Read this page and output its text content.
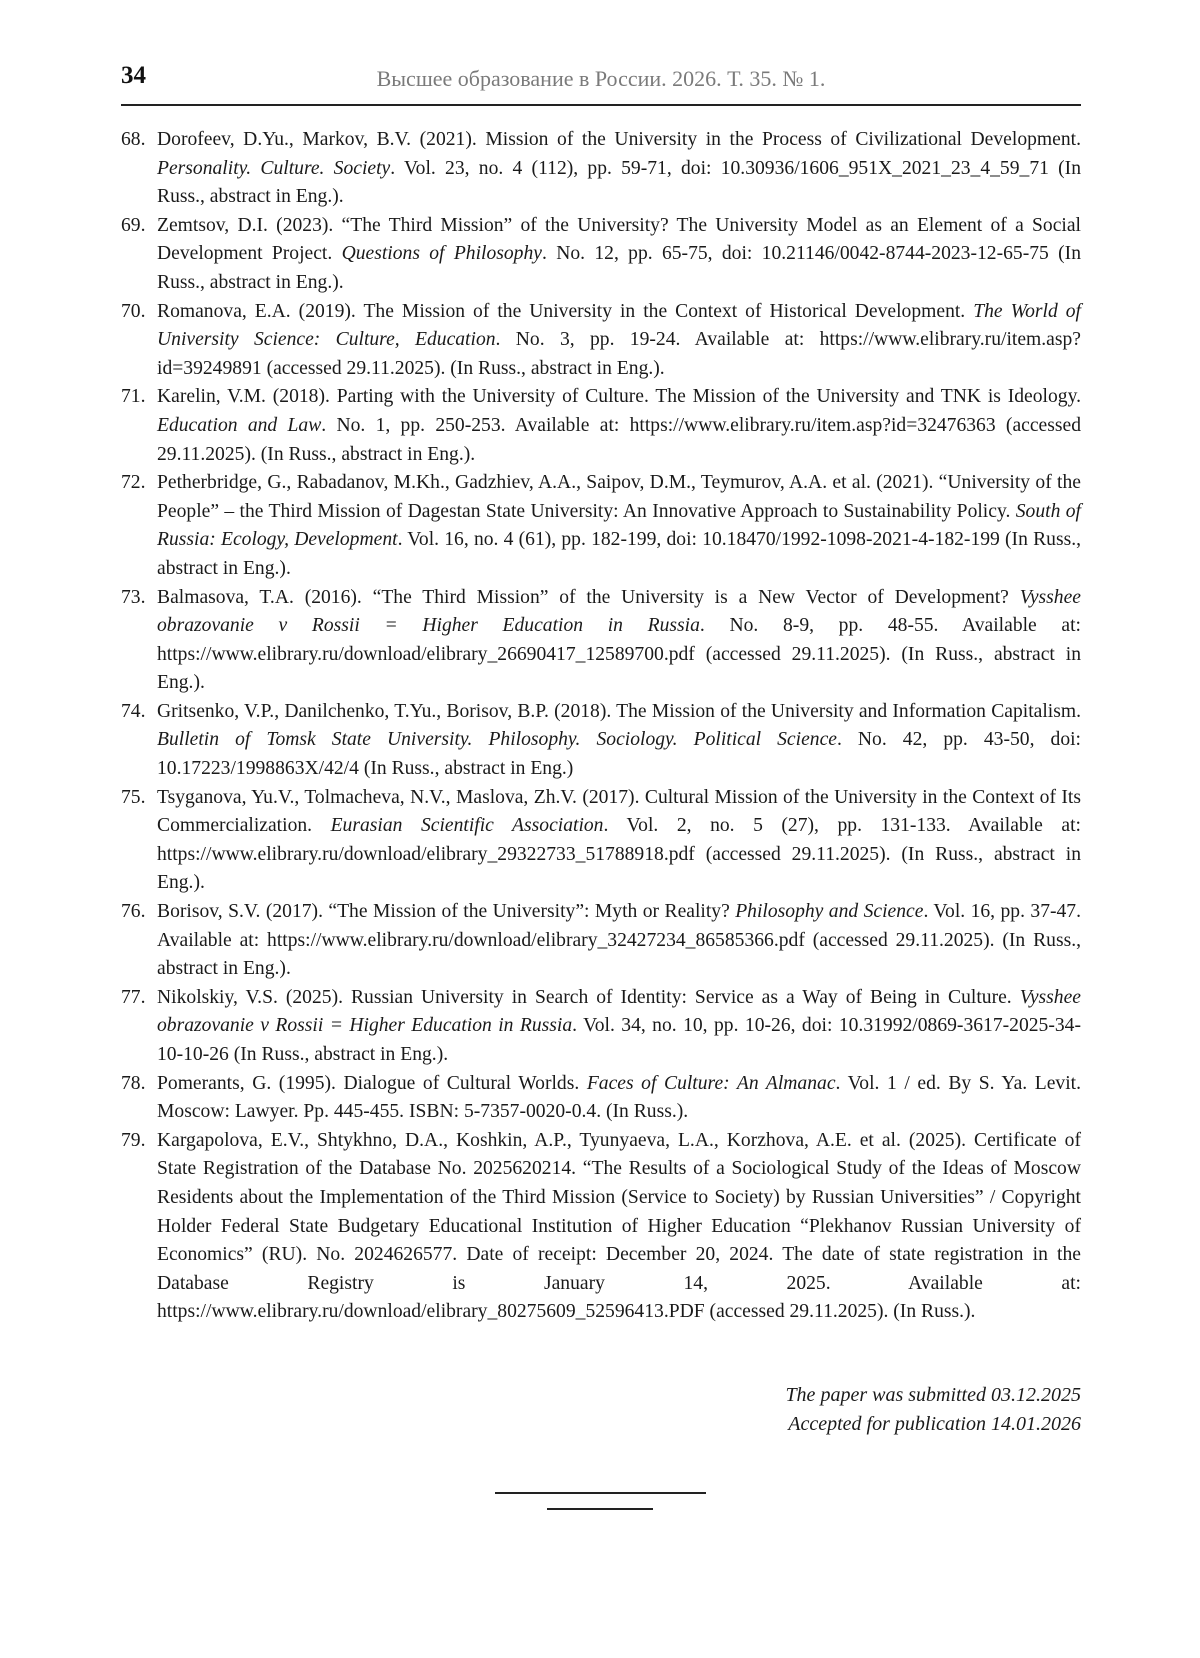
34	Высшее образование в России. 2026. Т. 35. № 1.
68. Dorofeev, D.Yu., Markov, B.V. (2021). Mission of the University in the Process of Civilizational Development. Personality. Culture. Society. Vol. 23, no. 4 (112), pp. 59-71, doi: 10.30936/1606_951X_2021_23_4_59_71 (In Russ., abstract in Eng.).
69. Zemtsov, D.I. (2023). “The Third Mission” of the University? The University Model as an Element of a Social Development Project. Questions of Philosophy. No. 12, pp. 65-75, doi: 10.21146/0042-8744-2023-12-65-75 (In Russ., abstract in Eng.).
70. Romanova, E.A. (2019). The Mission of the University in the Context of Historical Development. The World of University Science: Culture, Education. No. 3, pp. 19-24. Available at: https://www.elibrary.ru/item.asp?id=39249891 (accessed 29.11.2025). (In Russ., abstract in Eng.).
71. Karelin, V.M. (2018). Parting with the University of Culture. The Mission of the University and TNK is Ideology. Education and Law. No. 1, pp. 250-253. Available at: https://www.elibrary.ru/item.asp?id=32476363 (accessed 29.11.2025). (In Russ., abstract in Eng.).
72. Petherbridge, G., Rabadanov, M.Kh., Gadzhiev, A.A., Saipov, D.M., Teymurov, A.A. et al. (2021). “University of the People” – the Third Mission of Dagestan State University: An Innovative Approach to Sustainability Policy. South of Russia: Ecology, Development. Vol. 16, no. 4 (61), pp. 182-199, doi: 10.18470/1992-1098-2021-4-182-199 (In Russ., abstract in Eng.).
73. Balmasova, T.A. (2016). “The Third Mission” of the University is a New Vector of Development? Vysshee obrazovanie v Rossii = Higher Education in Russia. No. 8-9, pp. 48-55. Available at: https://www.elibrary.ru/download/elibrary_26690417_12589700.pdf (accessed 29.11.2025). (In Russ., abstract in Eng.).
74. Gritsenko, V.P., Danilchenko, T.Yu., Borisov, B.P. (2018). The Mission of the University and Information Capitalism. Bulletin of Tomsk State University. Philosophy. Sociology. Political Science. No. 42, pp. 43-50, doi: 10.17223/1998863X/42/4 (In Russ., abstract in Eng.)
75. Tsyganova, Yu.V., Tolmacheva, N.V., Maslova, Zh.V. (2017). Cultural Mission of the University in the Context of Its Commercialization. Eurasian Scientific Association. Vol. 2, no. 5 (27), pp. 131-133. Available at: https://www.elibrary.ru/download/elibrary_29322733_51788918.pdf (accessed 29.11.2025). (In Russ., abstract in Eng.).
76. Borisov, S.V. (2017). “The Mission of the University”: Myth or Reality? Philosophy and Science. Vol. 16, pp. 37-47. Available at: https://www.elibrary.ru/download/elibrary_32427234_86585366.pdf (accessed 29.11.2025). (In Russ., abstract in Eng.).
77. Nikolskiy, V.S. (2025). Russian University in Search of Identity: Service as a Way of Being in Culture. Vysshee obrazovanie v Rossii = Higher Education in Russia. Vol. 34, no. 10, pp. 10-26, doi: 10.31992/0869-3617-2025-34-10-10-26 (In Russ., abstract in Eng.).
78. Pomerants, G. (1995). Dialogue of Cultural Worlds. Faces of Culture: An Almanac. Vol. 1 / ed. By S. Ya. Levit. Moscow: Lawyer. Pp. 445-455. ISBN: 5-7357-0020-0.4. (In Russ.).
79. Kargapolova, E.V., Shtykhno, D.A., Koshkin, A.P., Tyunyaeva, L.A., Korzhova, A.E. et al. (2025). Certificate of State Registration of the Database No. 2025620214. “The Results of a Sociological Study of the Ideas of Moscow Residents about the Implementation of the Third Mission (Service to Society) by Russian Universities” / Copyright Holder Federal State Budgetary Educational Institution of Higher Education “Plekhanov Russian University of Economics” (RU). No. 2024626577. Date of receipt: December 20, 2024. The date of state registration in the Database Registry is January 14, 2025. Available at: https://www.elibrary.ru/download/elibrary_80275609_52596413.PDF (accessed 29.11.2025). (In Russ.).
The paper was submitted 03.12.2025
Accepted for publication 14.01.2026
